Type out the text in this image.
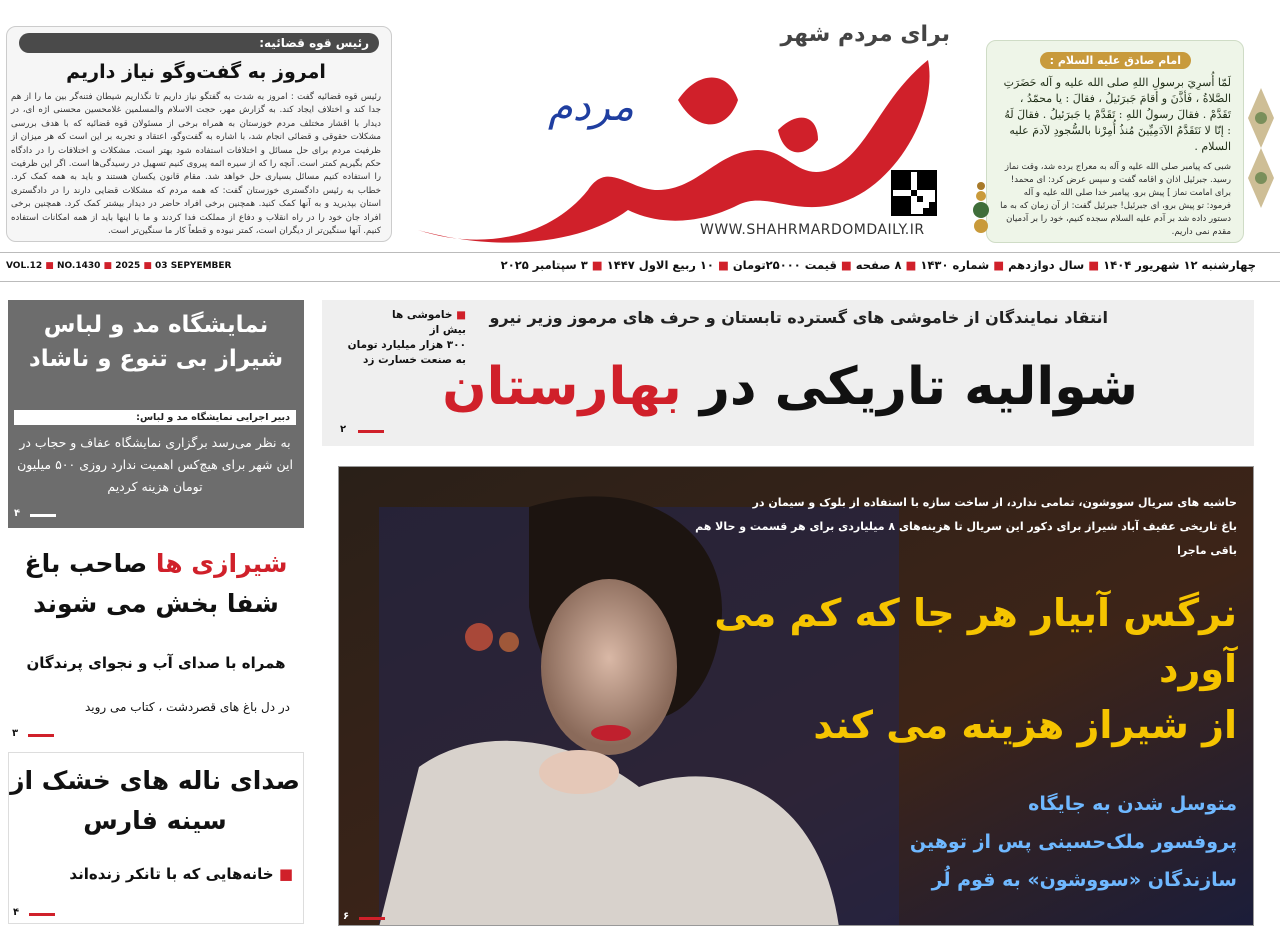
امام صادق علیه السلام :
لَمّا أُسرِيَ برسولِ اللهِ صلى الله عليه و آله حَضَرَتِ الصَّلاةُ ، فَأذَّنَ و أقامَ جَبرَئيلُ ، فقالَ : يا محمّدُ ، تَقَدَّمْ . فقالَ رسولُ اللهِ : تَقَدَّمْ يا جَبرَئيلُ . فقالَ لَهُ : إنّا لا نَتَقَدَّمُ الآدَمِيِّينَ مُنذُ أُمِرْنا بالسُّجودِ لآدمَ عليه السلام .
شبی که پیامبر صلی الله علیه و آله به معراج برده شد، وقت نماز رسید. جبرئیل اذان و اقامه گفت و سپس عرض کرد: ای محمد! برای امامت نماز ] پیش برو. پیامبر خدا صلی الله علیه و آله فرمود: تو پیش برو، ای جبرئیل! جبرئیل گفت: از آن زمان که به ما دستور داده شد بر آدم علیه السلام سجده کنیم، خود را بر آدمیان مقدم نمی داریم.
برای مردم شهر
مردم
WWW.SHAHRMARDOMDAILY.IR
رئیس قوه قضائیه:
امروز به گفت‌وگو نیاز داریم
رئیس قوه قضائیه گفت : امروز به شدت به گفتگو نیاز داریم تا نگذاریم شیطان فتنه‌گر بین ما را از هم جدا کند و اختلاف ایجاد کند. به گزارش مهر، حجت الاسلام والمسلمین غلامحسین محسنی اژه ای، در دیدار با اقشار مختلف مردم خوزستان به همراه برخی از مسئولان قوه قضائیه که با هدف بررسی مشکلات حقوقی و قضائی انجام شد، با اشاره به گفت‌وگو، اعتقاد و تجربه بر این است که هر میزان از ظرفیت مردم برای حل مسائل و اختلافات استفاده شود بهتر است. مشکلات و اختلافات را در دادگاه حکم بگیریم کمتر است. آنچه را که از سیره ائمه پیروی کنیم تسهیل در رسیدگی‌ها است. اگر این ظرفیت را استفاده کنیم مسائل بسیاری حل خواهد شد. مقام قانون یکسان هستند و باید به همه کمک کرد. خطاب به رئیس دادگستری خوزستان گفت: که همه مردم که مشکلات قضایی دارند را در دادگستری استان بپذیرید و به آنها کمک کنید. همچنین برخی افراد حاضر در دیدار بیشتر کمک کرد. همچنین برخی افراد جان خود را در راه انقلاب و دفاع از مملکت فدا کردند و ما با اینها باید از همه امکانات استفاده کنیم. آنها سنگین‌تر از دیگران است، کمتر نبوده و قطعاً کار ما سنگین‌تر است.
چهارشنبه ۱۲ شهریور ۱۴۰۴ ■ سال دوازدهم ■ شماره ۱۴۳۰ ■ ۸ صفحه ■ قیمت ۲۵۰۰۰تومان ■ ۱۰ ربیع الاول ۱۴۴۷ ■ ۳ سپتامبر ۲۰۲۵
VOL.12 ■ NO.1430 ■ 2025 ■ 03 SEPYEMBER
انتقاد نمایندگان از خاموشی های گسترده تابستان و حرف های مرموز وزیر نیرو
شوالیه تاریکی در بهارستان
■ خاموشی ها
بیش از
۳۰۰ هزار میلیارد تومان
به صنعت خسارت زد
۲
نمایشگاه مد و لباس شیراز بی تنوع و ناشاد
دبیر اجرایی نمایشگاه مد و لباس:
به نظر می‌رسد برگزاری نمایشگاه عفاف و حجاب در این شهر برای هیچ‌کس اهمیت ندارد روزی ۵۰۰ میلیون تومان هزینه کردیم
۴
شیرازی ها صاحب باغ شفا بخش می شوند
همراه با صدای آب و نجوای پرندگان
در دل باغ های قصردشت ، کتاب می روید
۳
صدای ناله های خشک از سینه فارس
■ خانه‌هایی که با تانکر زنده‌اند
۴
حاشیه های سریال سووشون، تمامی ندارد، از ساخت سازه با استفاده از بلوک و سیمان در
باغ تاریخی عفیف آباد شیراز برای دکور این سریال تا هزینه‌های ۸ میلیاردی برای هر قسمت و حالا هم باقی ماجرا
نرگس آبیار هر جا که کم می آورد
از شیراز هزینه می کند
متوسل شدن به جایگاه
پروفسور ملک‌حسینی پس از توهین
سازندگان «سووشون» به قوم لُر
۶
